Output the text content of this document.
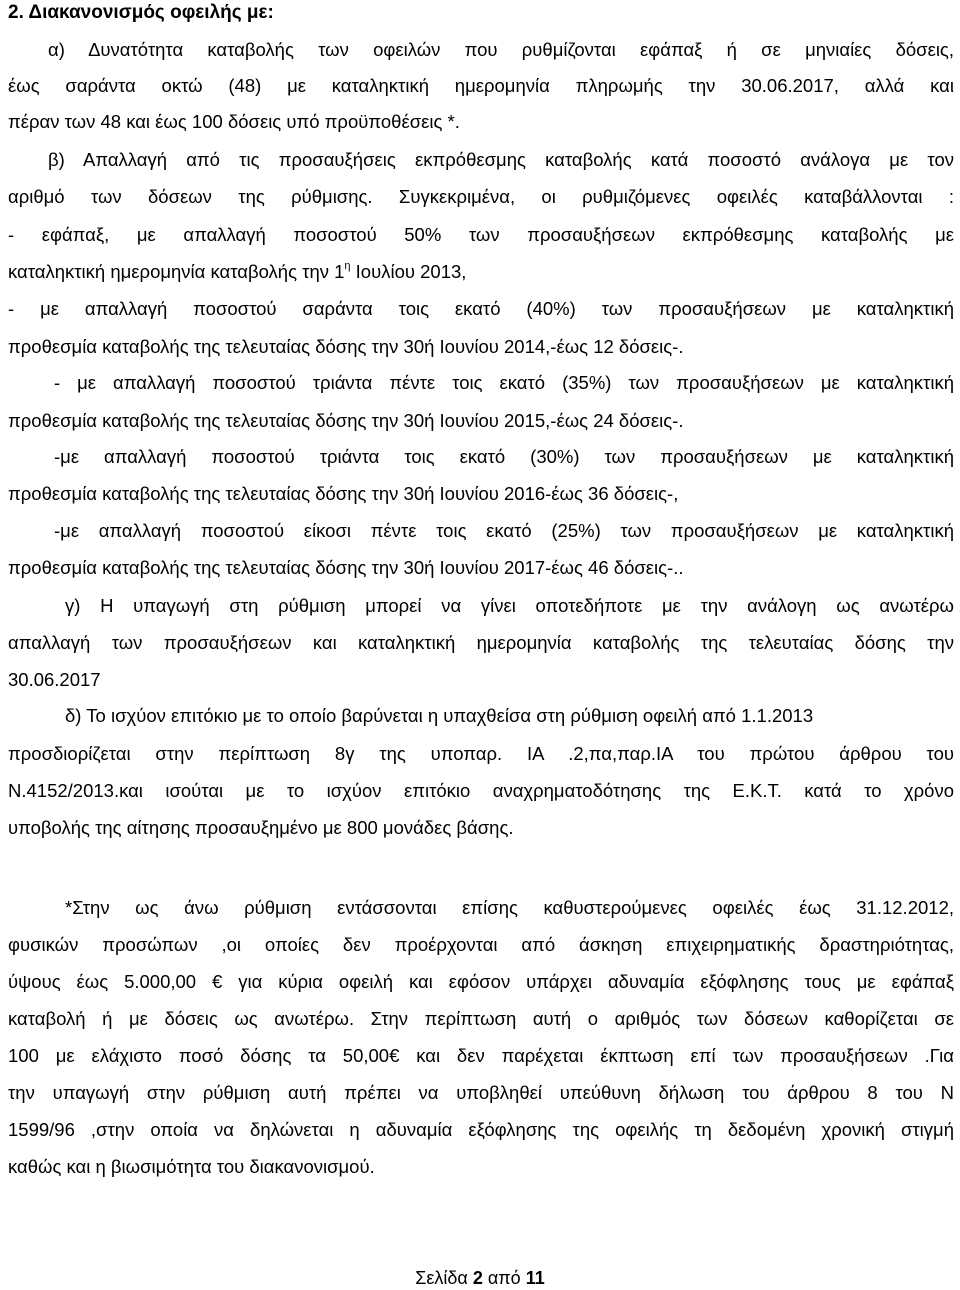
2. Διακανονισμός οφειλής με:
α) Δυνατότητα καταβολής των οφειλών που ρυθμίζονται εφάπαξ ή σε μηνιαίες δόσεις,
έως σαράντα οκτώ (48) με καταληκτική ημερομηνία πληρωμής την 30.06.2017, αλλά και
πέραν των 48 και έως 100 δόσεις υπό προϋποθέσεις *.
β) Απαλλαγή από τις προσαυξήσεις εκπρόθεσμης καταβολής κατά ποσοστό ανάλογα με τον
αριθμό των δόσεων της ρύθμισης. Συγκεκριμένα, οι ρυθμιζόμενες οφειλές καταβάλλονται :
- εφάπαξ, με απαλλαγή ποσοστού 50% των προσαυξήσεων εκπρόθεσμης καταβολής με
καταληκτική ημερομηνία καταβολής την $1^\eta$ Ιουλίου 2013,
- με απαλλαγή ποσοστού σαράντα τοις εκατό (40%) των προσαυξήσεων με καταληκτική
προθεσμία καταβολής της τελευταίας δόσης την 30ή Ιουνίου 2014,-έως 12 δόσεις-.
- με απαλλαγή ποσοστού τριάντα πέντε τοις εκατό (35%) των προσαυξήσεων με καταληκτική
προθεσμία καταβολής της τελευταίας δόσης την 30ή Ιουνίου 2015,-έως 24 δόσεις-.
-με απαλλαγή ποσοστού τριάντα τοις εκατό (30%) των προσαυξήσεων με καταληκτική
προθεσμία καταβολής της τελευταίας δόσης την 30ή Ιουνίου 2016-έως 36 δόσεις-,
-με απαλλαγή ποσοστού είκοσι πέντε τοις εκατό (25%) των προσαυξήσεων με καταληκτική
προθεσμία καταβολής της τελευταίας δόσης την 30ή Ιουνίου 2017-έως 46 δόσεις-..
γ) Η υπαγωγή στη ρύθμιση μπορεί να γίνει οποτεδήποτε με την ανάλογη ως ανωτέρω
απαλλαγή των προσαυξήσεων και καταληκτική ημερομηνία καταβολής της τελευταίας δόσης την
30.06.2017
δ) Το ισχύον επιτόκιο με το οποίο βαρύνεται η υπαχθείσα στη ρύθμιση οφειλή από 1.1.2013
προσδιορίζεται στην περίπτωση 8γ της υποπαρ. ΙΑ .2,πα,παρ.ΙΑ του πρώτου άρθρου του
Ν.4152/2013.και ισούται με το ισχύον επιτόκιο αναχρηματοδότησης της Ε.Κ.Τ. κατά το χρόνο
υποβολής της αίτησης προσαυξημένο με 800 μονάδες βάσης.
*Στην ως άνω ρύθμιση εντάσσονται επίσης καθυστερούμενες οφειλές έως 31.12.2012,
φυσικών προσώπων ,οι οποίες δεν προέρχονται από άσκηση επιχειρηματικής δραστηριότητας,
ύψους έως 5.000,00 € για κύρια οφειλή και εφόσον υπάρχει αδυναμία εξόφλησης τους με εφάπαξ
καταβολή ή με δόσεις ως ανωτέρω. Στην περίπτωση αυτή ο αριθμός των δόσεων καθορίζεται σε
100 με ελάχιστο ποσό δόσης τα 50,00€ και δεν παρέχεται έκπτωση επί των προσαυξήσεων .Για
την υπαγωγή στην ρύθμιση αυτή πρέπει να υποβληθεί υπεύθυνη δήλωση του άρθρου 8 του Ν
1599/96 ,στην οποία να δηλώνεται η αδυναμία εξόφλησης της οφειλής τη δεδομένη χρονική στιγμή
καθώς και η βιωσιμότητα του διακανονισμού.
Σελίδα 2 από 11
